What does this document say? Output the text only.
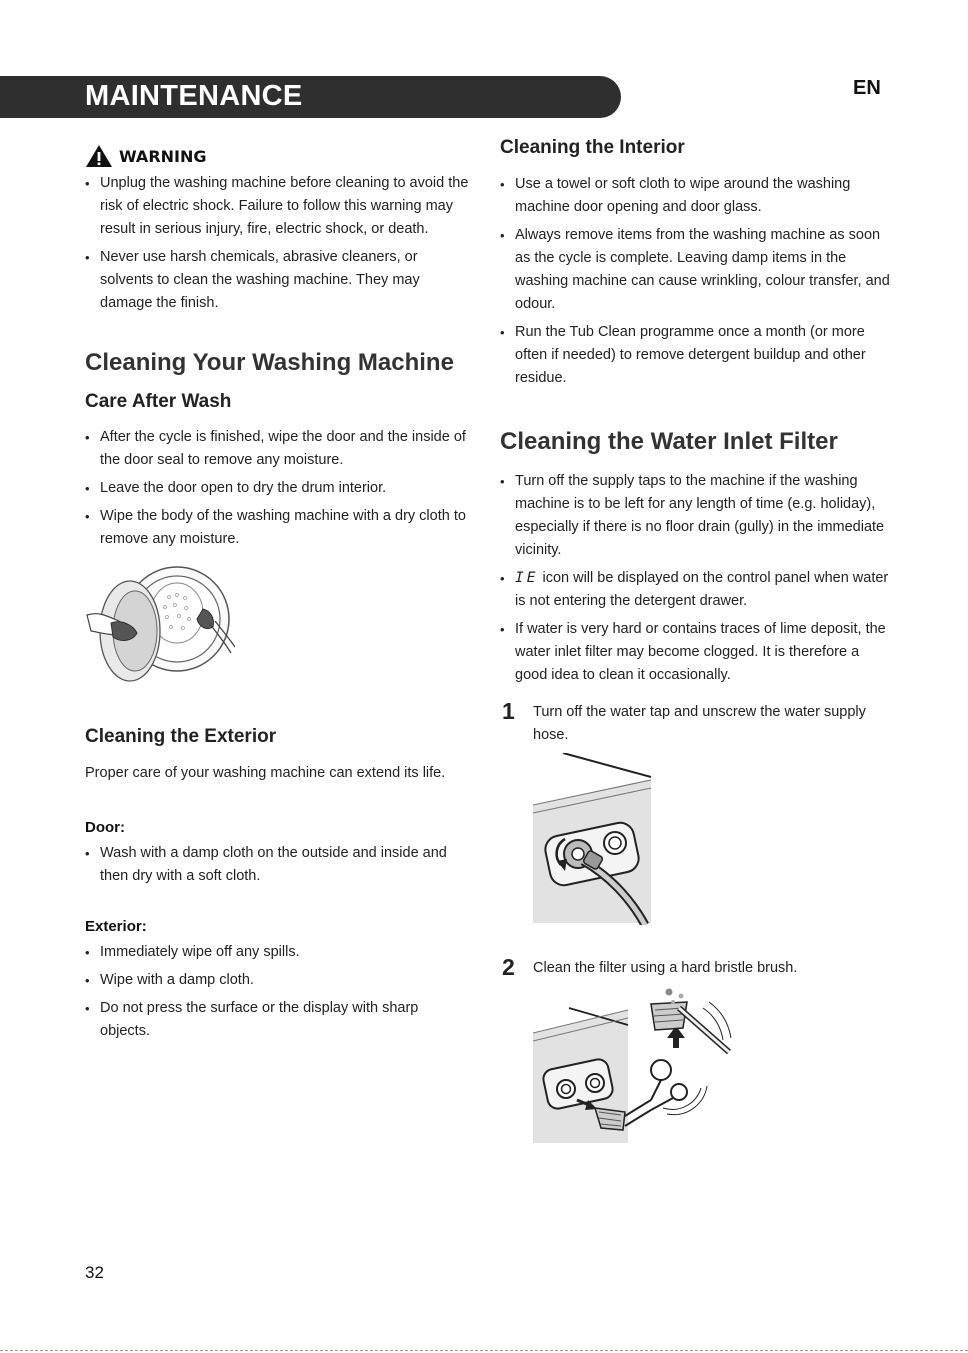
MAINTENANCE	EN
WARNING
• Unplug the washing machine before cleaning to avoid the risk of electric shock. Failure to follow this warning may result in serious injury, fire, electric shock, or death.
• Never use harsh chemicals, abrasive cleaners, or solvents to clean the washing machine. They may damage the finish.
Cleaning Your Washing Machine
Care After Wash
• After the cycle is finished, wipe the door and the inside of the door seal to remove any moisture.
• Leave the door open to dry the drum interior.
• Wipe the body of the washing machine with a dry cloth to remove any moisture.
Cleaning the Exterior

Proper care of your washing machine can extend its life.

Door:
• Wash with a damp cloth on the outside and inside and then dry with a soft cloth.
Exterior:
• Immediately wipe off any spills.
• Wipe with a damp cloth.
• Do not press the surface or the display with sharp objects.
Cleaning the Interior
• Use a towel or soft cloth to wipe around the washing machine door opening and door glass.
• Always remove items from the washing machine as soon as the cycle is complete. Leaving damp items in the washing machine can cause wrinkling, colour transfer, and odour.
• Run the Tub Clean programme once a month (or more often if needed) to remove detergent buildup and other residue.
Cleaning the Water Inlet Filter
• Turn off the supply taps to the machine if the washing machine is to be left for any length of time (e.g. holiday), especially if there is no floor drain (gully) in the immediate vicinity.
• IE icon will be displayed on the control panel when water is not entering the detergent drawer.
• If water is very hard or contains traces of lime deposit, the water inlet filter may become clogged. It is therefore a good idea to clean it occasionally.
1 Turn off the water tap and unscrew the water supply hose.
2 Clean the filter using a hard bristle brush.
32
